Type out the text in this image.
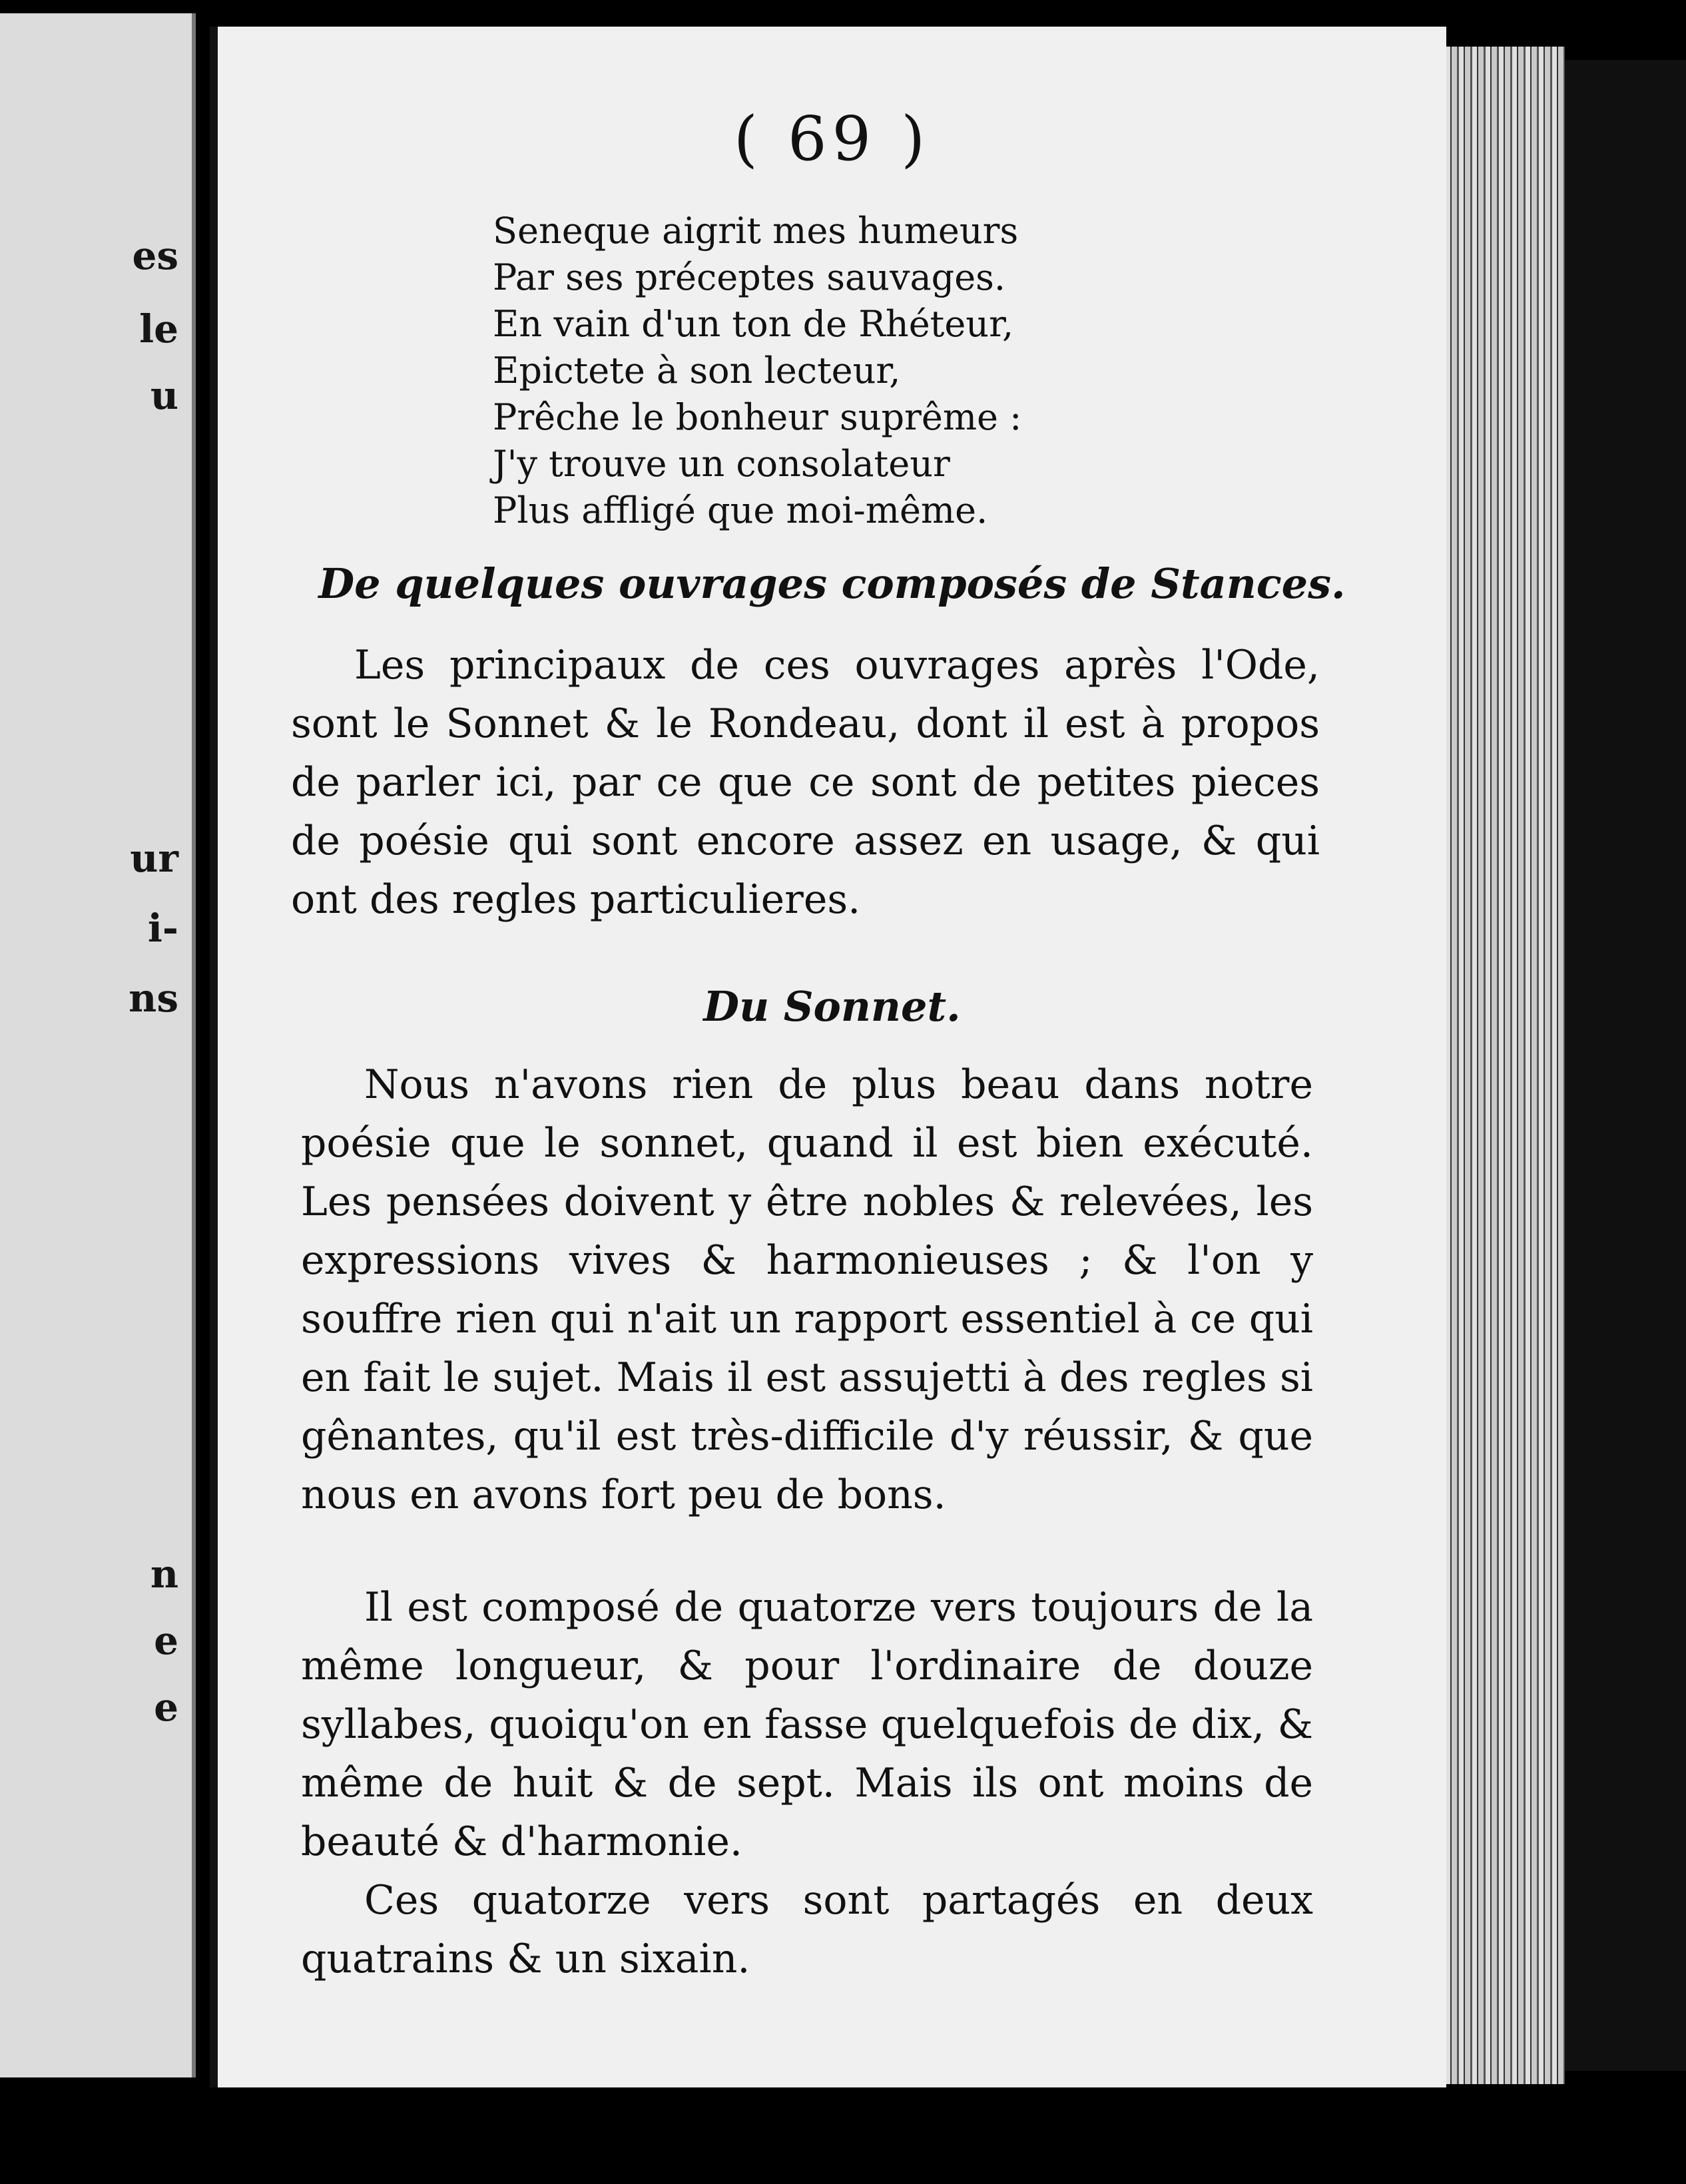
es
le
u
ur
i-
ns
n
e
e
( 69 )
Seneque aigrit mes humeurs
Par ses préceptes sauvages.
En vain d'un ton de Rhéteur,
Epictete à son lecteur,
Prêche le bonheur suprême :
J'y trouve un consolateur
Plus affligé que moi-même.
De quelques ouvrages composés de Stances.

Les principaux de ces ouvrages après l'Ode, sont le Sonnet & le Rondeau, dont il est à propos de parler ici, par ce que ce sont de petites pieces de poésie qui sont encore assez en usage, & qui ont des regles particulieres.

Du Sonnet.

Nous n'avons rien de plus beau dans notre poésie que le sonnet, quand il est bien exécuté. Les pensées doivent y être nobles & relevées, les expressions vives & harmonieuses ; & l'on y souffre rien qui n'ait un rapport essentiel à ce qui en fait le sujet. Mais il est assujetti à des regles si gênantes, qu'il est très-difficile d'y réussir, & que nous en avons fort peu de bons.

Il est composé de quatorze vers toujours de la même longueur, & pour l'ordinaire de douze syllabes, quoiqu'on en fasse quelquefois de dix, & même de huit & de sept. Mais ils ont moins de beauté & d'harmonie.

Ces quatorze vers sont partagés en deux quatrains & un sixain.
